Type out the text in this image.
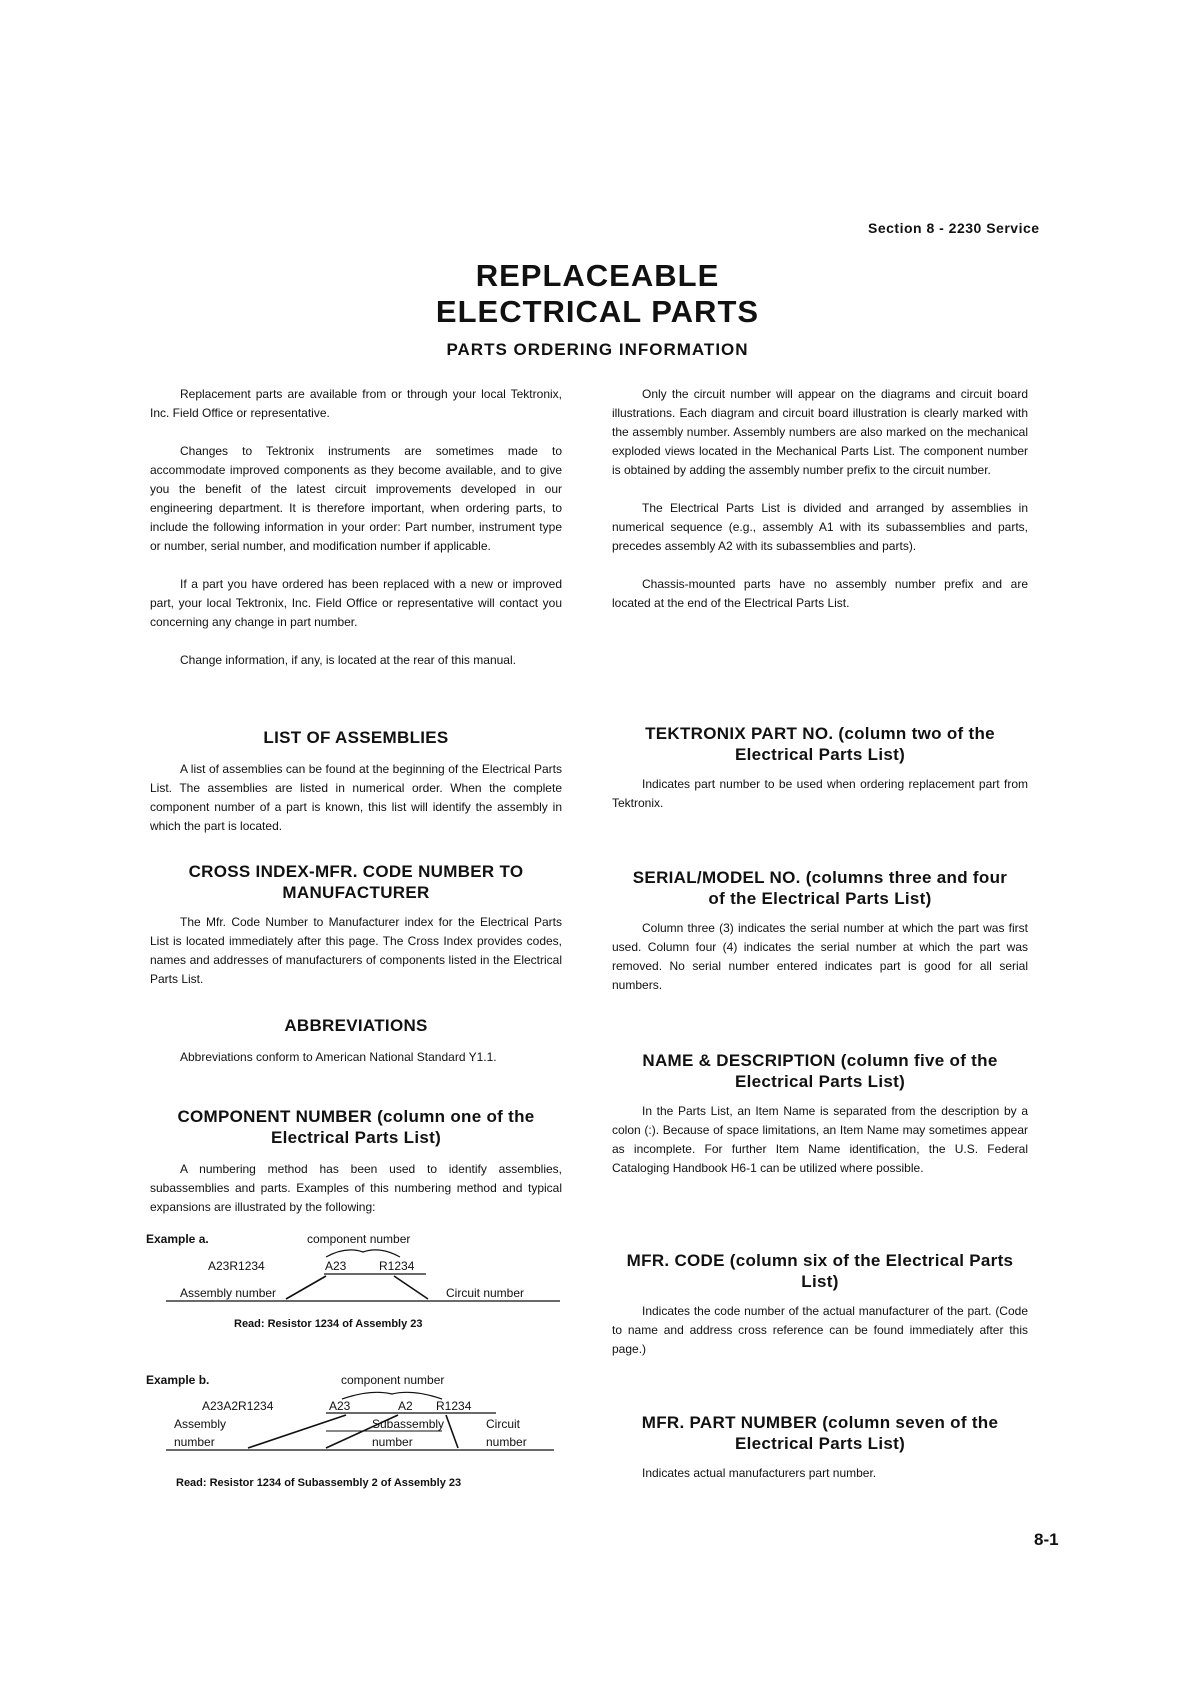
Section 8 - 2230 Service
REPLACEABLE
ELECTRICAL PARTS
PARTS ORDERING INFORMATION

Replacement parts are available from or through your local Tektronix, Inc. Field Office or representative.

Changes to Tektronix instruments are sometimes made to accommodate improved components as they become available, and to give you the benefit of the latest circuit improvements developed in our engineering department. It is therefore important, when ordering parts, to include the following information in your order: Part number, instrument type or number, serial number, and modification number if applicable.

If a part you have ordered has been replaced with a new or improved part, your local Tektronix, Inc. Field Office or representative will contact you concerning any change in part number.

Change information, if any, is located at the rear of this manual.

LIST OF ASSEMBLIES

A list of assemblies can be found at the beginning of the Electrical Parts List. The assemblies are listed in numerical order. When the complete component number of a part is known, this list will identify the assembly in which the part is located.

CROSS INDEX-MFR. CODE NUMBER TO
MANUFACTURER

The Mfr. Code Number to Manufacturer index for the Electrical Parts List is located immediately after this page. The Cross Index provides codes, names and addresses of manufacturers of components listed in the Electrical Parts List.

ABBREVIATIONS

Abbreviations conform to American National Standard Y1.1.

COMPONENT NUMBER (column one of the
Electrical Parts List)

A numbering method has been used to identify assemblies, subassemblies and parts. Examples of this numbering method and typical expansions are illustrated by the following:

Example a.	component number
A23R1234	A23	R1234
Assembly number	Circuit number
Read: Resistor 1234 of Assembly 23
Example b.	component number
A23A2R1234	A23	A2 R1234
Assembly
number
Subassembly
number
Circuit
number
Read: Resistor 1234 of Subassembly 2 of Assembly 23

Only the circuit number will appear on the diagrams and circuit board illustrations. Each diagram and circuit board illustration is clearly marked with the assembly number. Assembly numbers are also marked on the mechanical exploded views located in the Mechanical Parts List. The component number is obtained by adding the assembly number prefix to the circuit number.

The Electrical Parts List is divided and arranged by assemblies in numerical sequence (e.g., assembly A1 with its subassemblies and parts, precedes assembly A2 with its subassemblies and parts).

Chassis-mounted parts have no assembly number prefix and are located at the end of the Electrical Parts List.

TEKTRONIX PART NO. (column two of the
Electrical Parts List)

Indicates part number to be used when ordering replacement part from Tektronix.

SERIAL/MODEL NO. (columns three and four
of the Electrical Parts List)

Column three (3) indicates the serial number at which the part was first used. Column four (4) indicates the serial number at which the part was removed. No serial number entered indicates part is good for all serial numbers.

NAME & DESCRIPTION (column five of the
Electrical Parts List)

In the Parts List, an Item Name is separated from the description by a colon (:). Because of space limitations, an Item Name may sometimes appear as incomplete. For further Item Name identification, the U.S. Federal Cataloging Handbook H6-1 can be utilized where possible.

MFR. CODE (column six of the Electrical Parts
List)

Indicates the code number of the actual manufacturer of the part. (Code to name and address cross reference can be found immediately after this page.)

MFR. PART NUMBER (column seven of the
Electrical Parts List)

Indicates actual manufacturers part number.

8-1
